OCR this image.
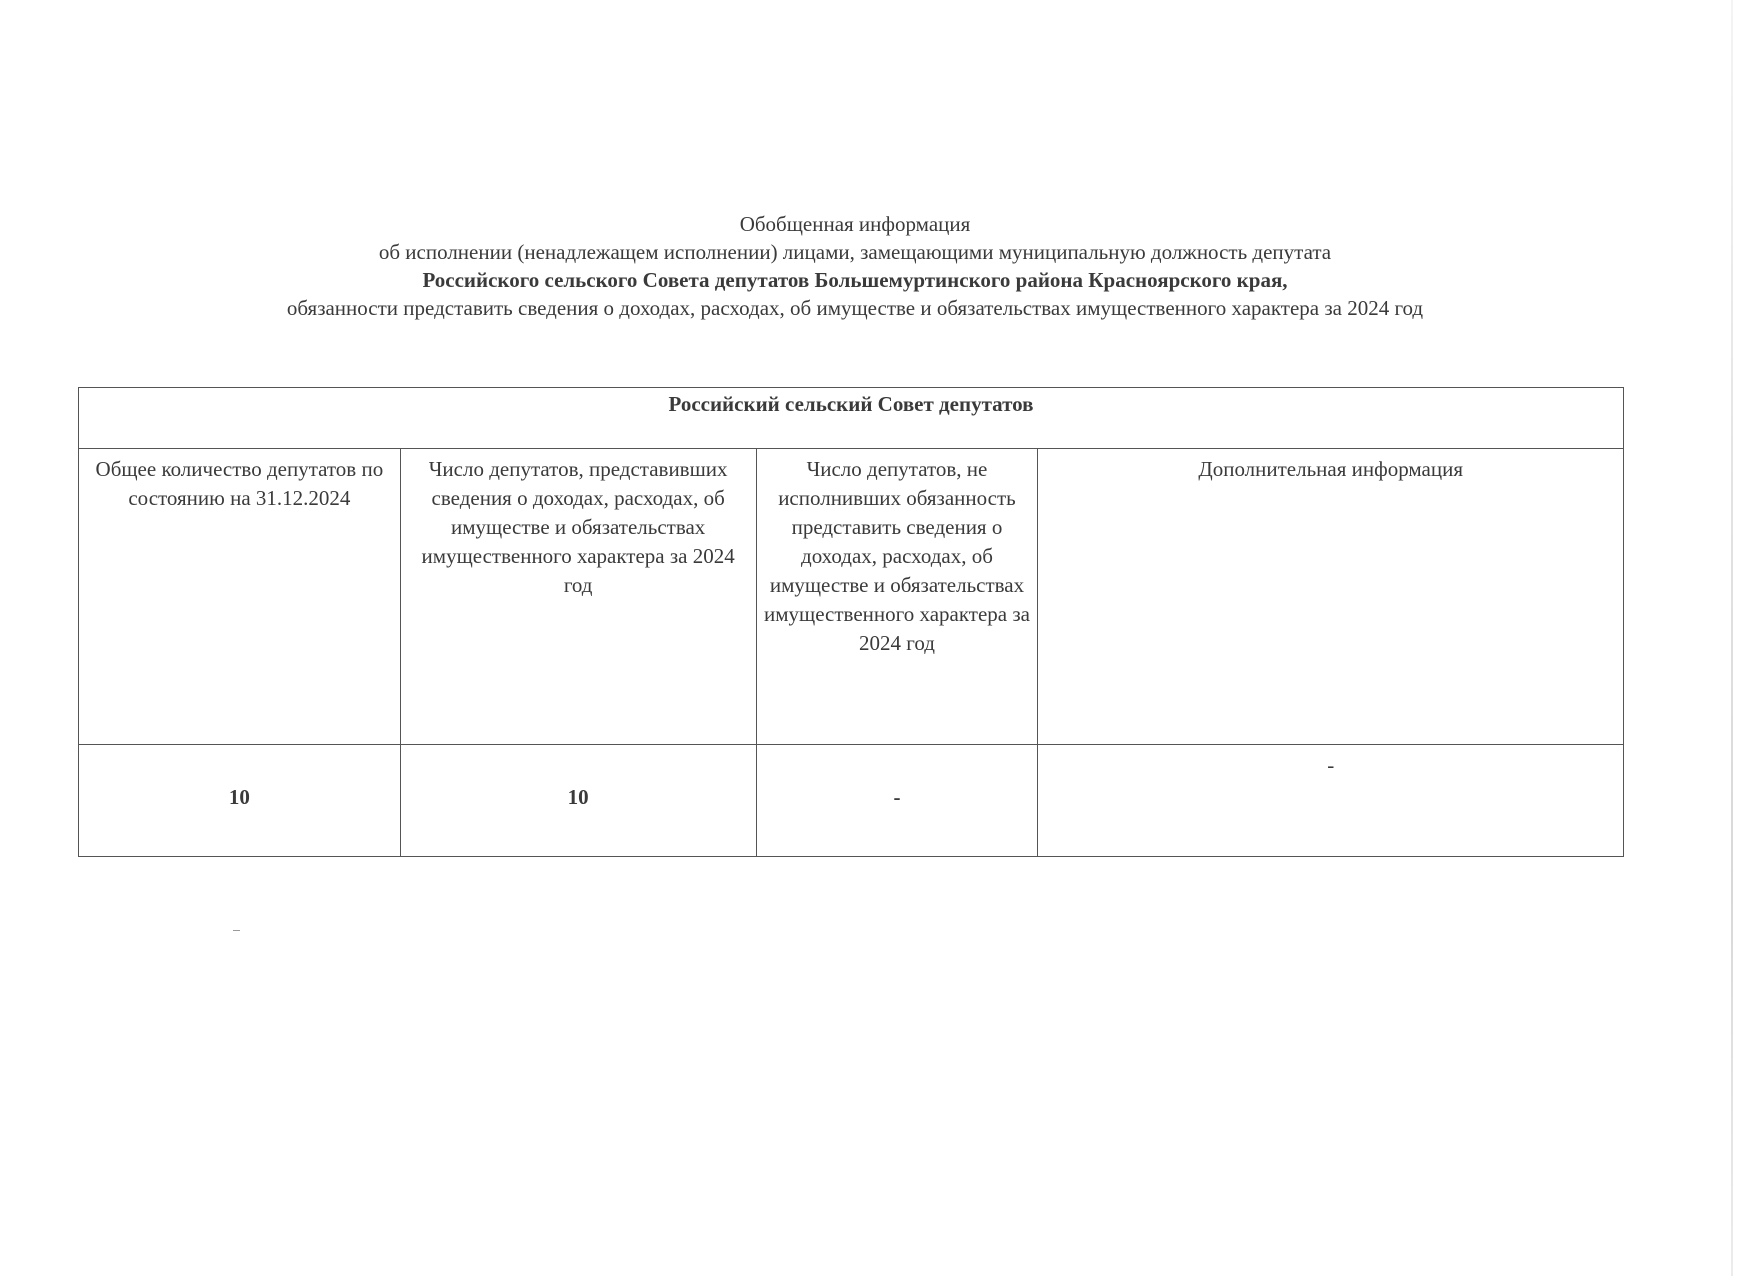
Обобщенная информация
об исполнении (ненадлежащем исполнении) лицами, замещающими муниципальную должность депутата
Российского сельского Совета депутатов Большемуртинского района Красноярского края,
обязанности представить сведения о доходах, расходах, об имуществе и обязательствах имущественного характера за 2024 год
Российский сельский Совет депутатов			
Общее количество депутатов по состоянию на 31.12.2024	Число депутатов, представивших сведения о доходах, расходах, об имуществе и обязательствах имущественного характера за 2024 год	Число депутатов, не исполнивших обязанность представить сведения о доходах, расходах, об имуществе и обязательствах имущественного характера за 2024 год	Дополнительная информация
10	10	-	-
